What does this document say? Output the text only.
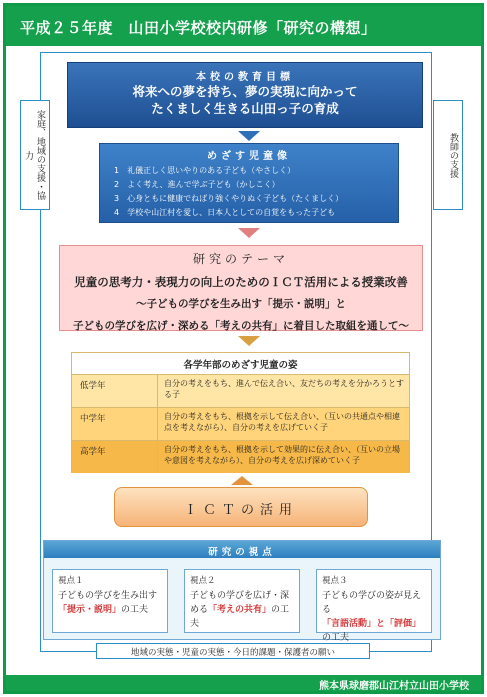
平成２５年度　山田小学校校内研修「研究の構想」
熊本県球磨郡山江村立山田小学校
家庭、地域の支援・協力	教師の支援
本校の教育目標
将来への夢を持ち、夢の実現に向かって
たくましく生きる山田っ子の育成
めざす児童像
1　礼儀正しく思いやりのある子ども（やさしく）
2　よく考え、進んで学ぶ子ども（かしこく）
3　心身ともに健康でねばり強くやりぬく子ども（たくましく）
4　学校や山江村を愛し、日本人としての自覚をもった子ども
研究のテーマ
児童の思考力・表現力の向上のためのＩＣＴ活用による授業改善
～子どもの学びを生み出す「提示・説明」と
子どもの学びを広げ・深める「考えの共有」に着目した取組を通して～
各学年部のめざす児童の姿
低学年	自分の考えをもち、進んで伝え合い、友だちの考えを分かろうとする子
中学年	自分の考えをもち、根拠を示して伝え合い、（互いの共通点や相違点を考えながら）、自分の考えを広げていく子
高学年	自分の考えをもち、根拠を示して効果的に伝え合い、（互いの立場や意図を考えながら）、自分の考えを広げ深めていく子
ＩＣＴの活用
研究の視点
視点１
子どもの学びを生み出す「提示・説明」の工夫
視点２
子どもの学びを広げ・深める「考えの共有」の工夫
視点３
子どもの学びの姿が見える「言語活動」と「評価」の工夫
地域の実態・児童の実態・今日的課題・保護者の願い
